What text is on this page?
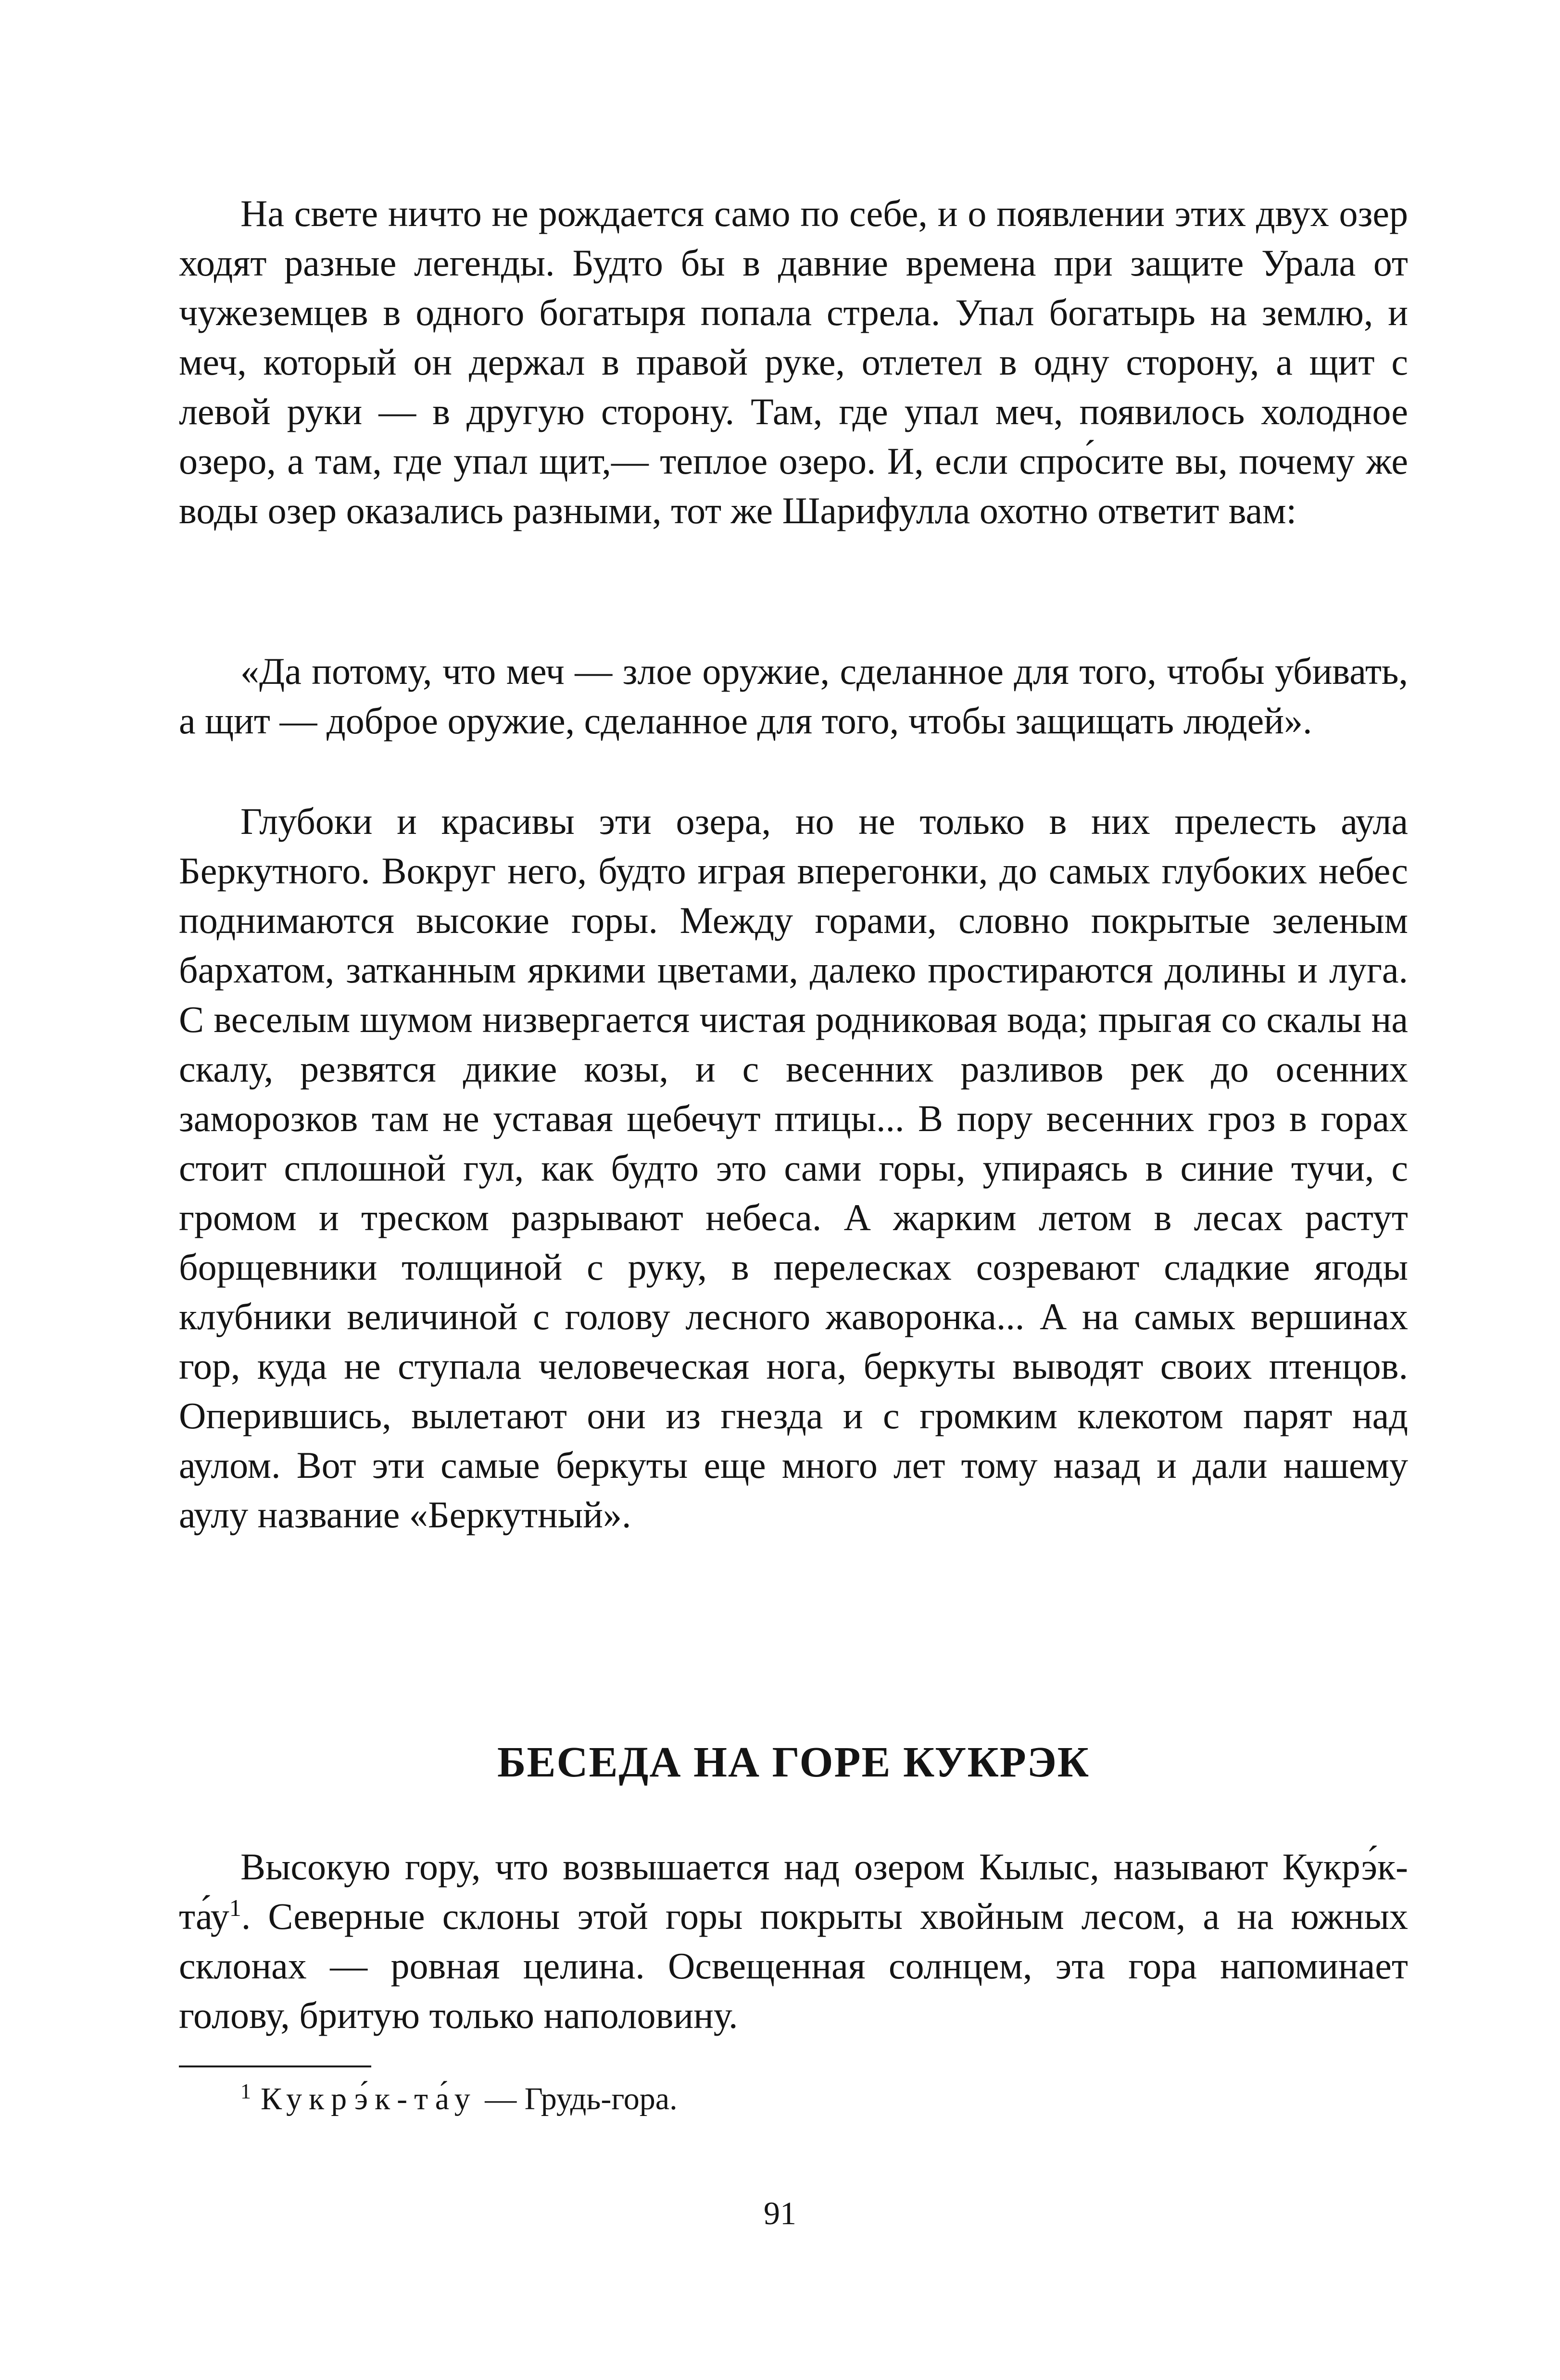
На свете ничто не рождается само по себе, и о появлении этих двух озер ходят разные легенды. Будто бы в давние времена при защите Урала от чужеземцев в одного богатыря попала стрела. Упал богатырь на землю, и меч, который он держал в правой руке, отлетел в одну сторону, а щит с левой руки — в другую сторону. Там, где упал меч, появилось холодное озеро, а там, где упал щит,— теплое озеро. И, если спро́сите вы, почему же воды озер оказались разными, тот же Шарифулла охотно ответит вам:

«Да потому, что меч — злое оружие, сделанное для того, чтобы убивать, а щит — доброе оружие, сделанное для того, чтобы защищать людей».

Глубоки и красивы эти озера, но не только в них прелесть аула Беркутного. Вокруг него, будто играя вперегонки, до самых глубоких небес поднимаются высокие горы. Между горами, словно покрытые зеленым бархатом, затканным яркими цветами, далеко простираются долины и луга. С веселым шумом низвергается чистая родниковая вода; прыгая со скалы на скалу, резвятся дикие козы, и с весенних разливов рек до осенних заморозков там не уставая щебечут птицы... В пору весенних гроз в горах стоит сплошной гул, как будто это сами горы, упираясь в синие тучи, с громом и треском разрывают небеса. А жарким летом в лесах растут борщевники толщиной с руку, в перелесках созревают сладкие ягоды клубники величиной с голову лесного жаворонка... А на самых вершинах гор, куда не ступала человеческая нога, беркуты выводят своих птенцов. Оперившись, вылетают они из гнезда и с громким клекотом парят над аулом. Вот эти самые беркуты еще много лет тому назад и дали нашему аулу название «Беркутный».

БЕСЕДА НА ГОРЕ КУКРЭК

Высокую гору, что возвышается над озером Кылыс, называют Кукрэ́к-та́у$^1$. Северные склоны этой горы покрыты хвойным лесом, а на южных склонах — ровная целина. Освещенная солнцем, эта гора напоминает голову, бритую только наполовину.

$^1$ Кукрэ́к-та́у — Грудь-гора.

91
